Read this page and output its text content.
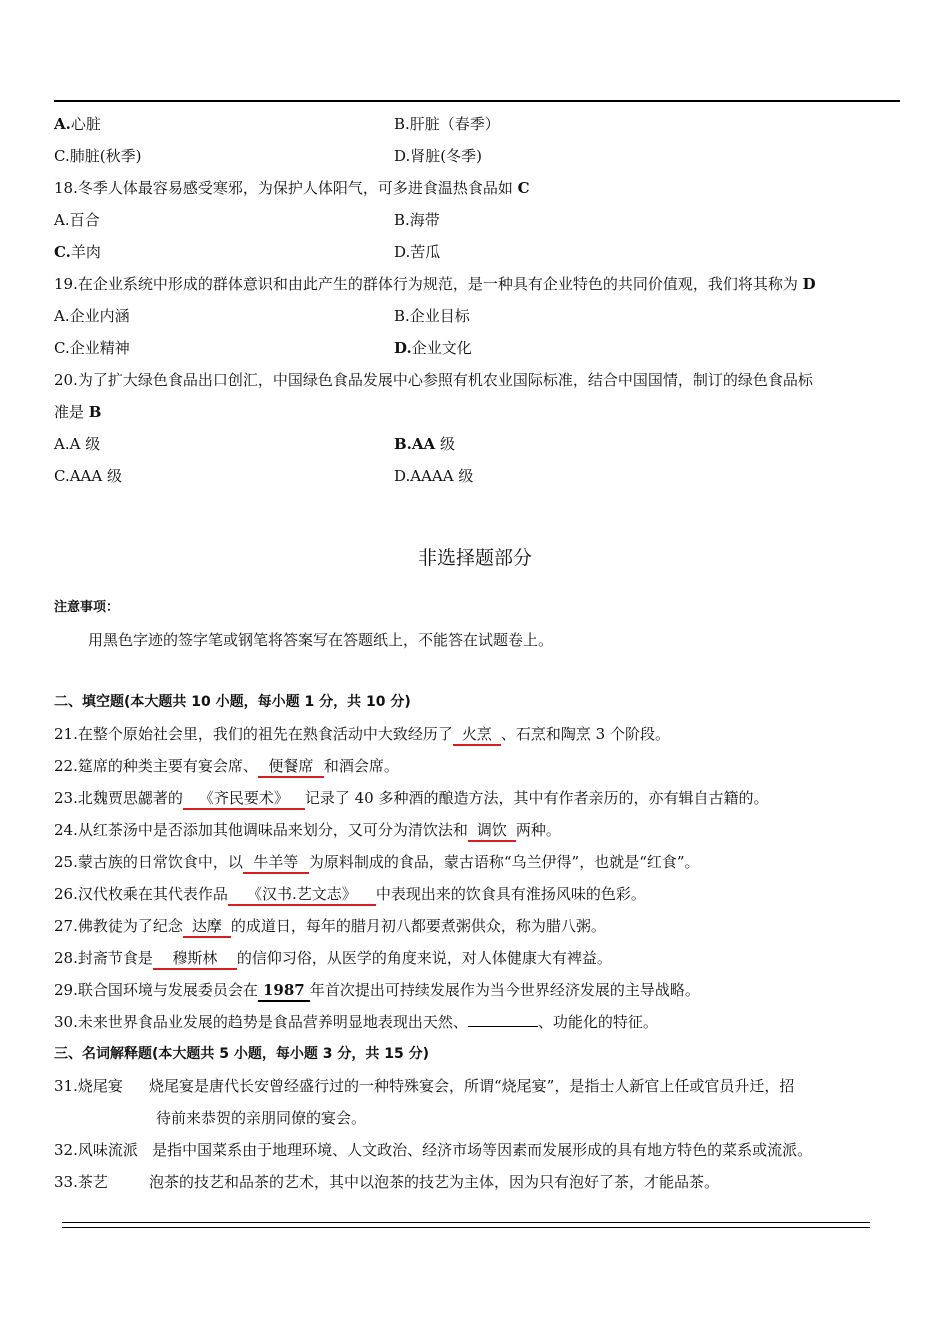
A.心脏	B.肝脏（春季）
C.肺脏(秋季)	D.肾脏(冬季)
18.冬季人体最容易感受寒邪，为保护人体阳气，可多进食温热食品如 C
A.百合	B.海带
C.羊肉	D.苦瓜
19.在企业系统中形成的群体意识和由此产生的群体行为规范，是一种具有企业特色的共同价值观，我们将其称为 D
A.企业内涵	B.企业目标
C.企业精神	D.企业文化
20.为了扩大绿色食品出口创汇，中国绿色食品发展中心参照有机农业国际标准，结合中国国情，制订的绿色食品标
准是 B
A.A 级	B.AA 级
C.AAA 级	D.AAAA 级
非选择题部分
注意事项：
用黑色字迹的签字笔或钢笔将答案写在答题纸上，不能答在试题卷上。
二、填空题(本大题共 10 小题，每小题 1 分，共 10 分)
21.在整个原始社会里，我们的祖先在熟食活动中大致经历了 火烹 、石烹和陶烹 3 个阶段。
22.筵席的种类主要有宴会席、 便餐席 和酒会席。
23.北魏贾思勰著的 《齐民要术》 记录了 40 多种酒的酿造方法，其中有作者亲历的，亦有辑自古籍的。
24.从红茶汤中是否添加其他调味品来划分，又可分为清饮法和 调饮 两种。
25.蒙古族的日常饮食中，以 牛羊等 为原料制成的食品，蒙古语称“乌兰伊得”，也就是“红食”。
26.汉代枚乘在其代表作品 《汉书.艺文志》 中表现出来的饮食具有淮扬风味的色彩。
27.佛教徒为了纪念 达摩 的成道日，每年的腊月初八都要煮粥供众，称为腊八粥。
28.封斋节食是 穆斯林 的信仰习俗，从医学的角度来说，对人体健康大有裨益。
29.联合国环境与发展委员会在 1987 年首次提出可持续发展作为当今世界经济发展的主导战略。
30.未来世界食品业发展的趋势是食品营养明显地表现出天然、	、功能化的特征。
三、名词解释题(本大题共 5 小题，每小题 3 分，共 15 分)
31.烧尾宴 烧尾宴是唐代长安曾经盛行过的一种特殊宴会，所谓“烧尾宴”，是指士人新官上任或官员升迁，招
待前来恭贺的亲朋同僚的宴会。
32.风味流派 是指中国菜系由于地理环境、人文政治、经济市场等因素而发展形成的具有地方特色的菜系或流派。
33.茶艺	泡茶的技艺和品茶的艺术，其中以泡茶的技艺为主体，因为只有泡好了茶，才能品茶。
